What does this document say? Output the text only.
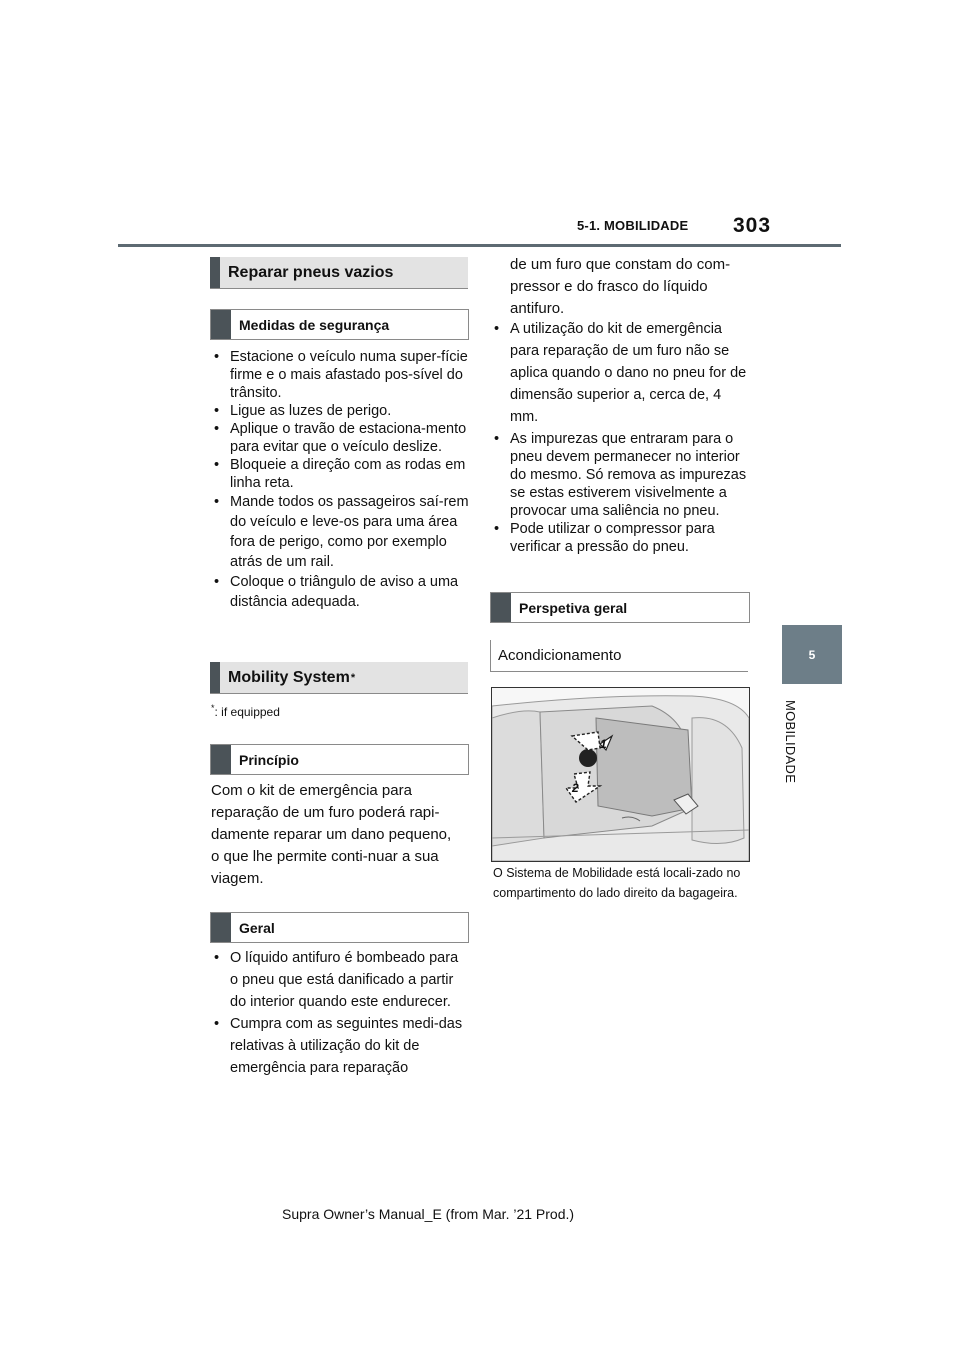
5-1. MOBILIDADE 303
5
MOBILIDADE
Reparar pneus vazios
Medidas de segurança
• Estacione o veículo numa super-fície firme e o mais afastado pos-sível do trânsito.
• Ligue as luzes de perigo.
• Aplique o travão de estaciona-mento para evitar que o veículo deslize.
• Bloqueie a direção com as rodas em linha reta.
• Mande todos os passageiros saí-rem do veículo e leve-os para uma área fora de perigo, como por exemplo atrás de um rail.
• Coloque o triângulo de aviso a uma distância adequada.
Mobility System *
*: if equipped
Princípio
Com o kit de emergência para reparação de um furo poderá rapi-damente reparar um dano pequeno, o que lhe permite conti-nuar a sua viagem.
Geral
• O líquido antifuro é bombeado para o pneu que está danificado a partir do interior quando este endurecer.
• Cumpra com as seguintes medi-das relativas à utilização do kit de emergência para reparação
de um furo que constam do com-pressor e do frasco do líquido antifuro.
• A utilização do kit de emergência para reparação de um furo não se aplica quando o dano no pneu for de dimensão superior a, cerca de, 4 mm.
• As impurezas que entraram para o pneu devem permanecer no interior do mesmo. Só remova as impurezas se estas estiverem visivelmente a provocar uma saliência no pneu.
• Pode utilizar o compressor para verificar a pressão do pneu.
Perspetiva geral
Acondicionamento
1
2
O Sistema de Mobilidade está locali-zado no compartimento do lado direito da bagageira.
Supra Owner’s Manual_E (from Mar. ’21 Prod.)
